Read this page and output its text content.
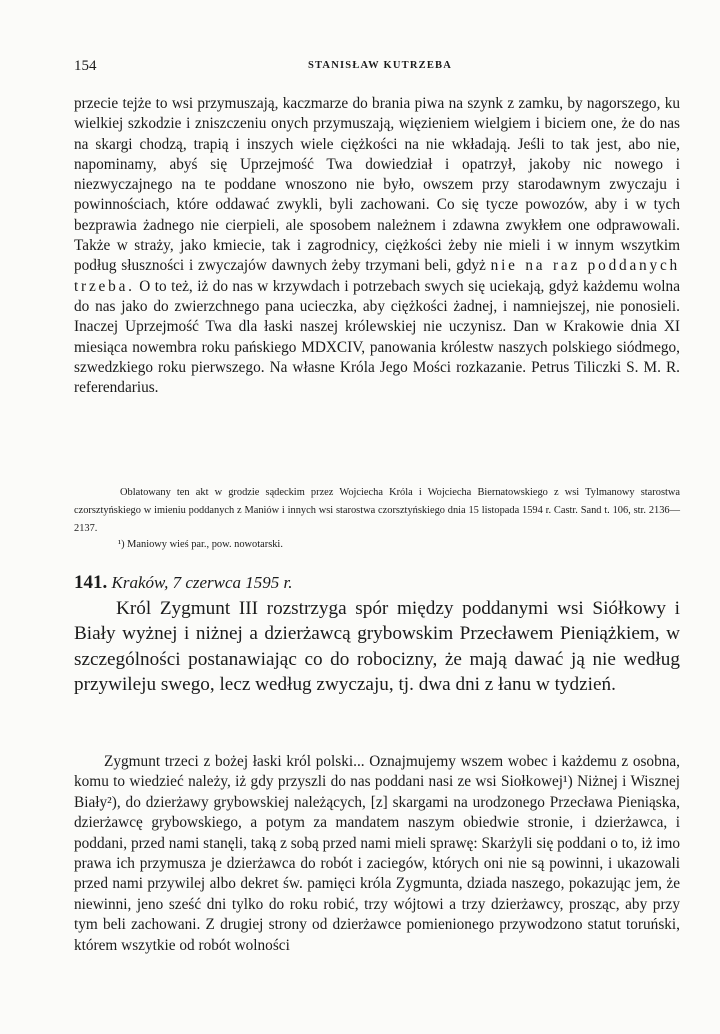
154	STANISŁAW KUTRZEBA

przecie tejże to wsi przymuszają, kaczmarze do brania piwa na szynk z zamku, by nagorszego, ku wielkiej szkodzie i zniszczeniu onych przymuszają, więzieniem wielgiem i biciem one, że do nas na skargi chodzą, trapią i inszych wiele ciężkości na nie wkładają. Jeśli to tak jest, abo nie, napominamy, abyś się Uprzejmość Twa dowiedział i opatrzył, jakoby nic nowego i niezwyczajnego na te poddane wnoszono nie było, owszem przy starodawnym zwyczaju i powinnościach, które oddawać zwykli, byli zachowani. Co się tycze powozów, aby i w tych bezprawia żadnego nie cierpieli, ale sposobem należnem i zdawna zwykłem one odprawowali. Także w straży, jako kmiecie, tak i zagrodnicy, ciężkości żeby nie mieli i w innym wszytkim podług słuszności i zwyczajów dawnych żeby trzymani beli, gdyż nie na raz poddanych trzeba. O to też, iż do nas w krzywdach i potrzebach swych się uciekają, gdyż każdemu wolna do nas jako do zwierzchnego pana ucieczka, aby ciężkości żadnej, i namniejszej, nie ponosieli. Inaczej Uprzejmość Twa dla łaski naszej królewskiej nie uczynisz. Dan w Krakowie dnia XI miesiąca nowembra roku pańskiego MDXCIV, panowania królestw naszych polskiego siódmego, szwedzkiego roku pierwszego. Na własne Króla Jego Mości rozkazanie. Petrus Tiliczki S. M. R. referendarius.

Oblatowany ten akt w grodzie sądeckim przez Wojciecha Króla i Wojciecha Biernatowskiego z wsi Tylmanowy starostwa czorsztyńskiego w imieniu poddanych z Maniów i innych wsi starostwa czorsztyńskiego dnia 15 listopada 1594 r. Castr. Sand t. 106, str. 2136—2137.

¹) Maniowy wieś par., pow. nowotarski.
141. Kraków, 7 czerwca 1595 r.

Król Zygmunt III rozstrzyga spór między poddanymi wsi Siółkowy i Biały wyżnej i niżnej a dzierżawcą grybowskim Przecławem Pieniążkiem, w szczególności postanawiając co do robocizny, że mają dawać ją nie według przywileju swego, lecz według zwyczaju, tj. dwa dni z łanu w tydzień.

Zygmunt trzeci z bożej łaski król polski... Oznajmujemy wszem wobec i każdemu z osobna, komu to wiedzieć należy, iż gdy przyszli do nas poddani nasi ze wsi Siołkowej¹) Niżnej i Wisznej Biały²), do dzierżawy grybowskiej należących, [z] skargami na urodzonego Przecława Pieniąska, dzierżawcę grybowskiego, a potym za mandatem naszym obiedwie stronie, i dzierżawca, i poddani, przed nami stanęli, taką z sobą przed nami mieli sprawę: Skarżyli się poddani o to, iż imo prawa ich przymusza je dzierżawca do robót i zaciegów, których oni nie są powinni, i ukazowali przed nami przywilej albo dekret św. pamięci króla Zygmunta, dziada naszego, pokazując jem, że niewinni, jeno sześć dni tylko do roku robić, trzy wójtowi a trzy dzierżawcy, prosząc, aby przy tym beli zachowani. Z drugiej strony od dzierżawce pomienionego przywodzono statut toruński, którem wszytkie od robót wolności
